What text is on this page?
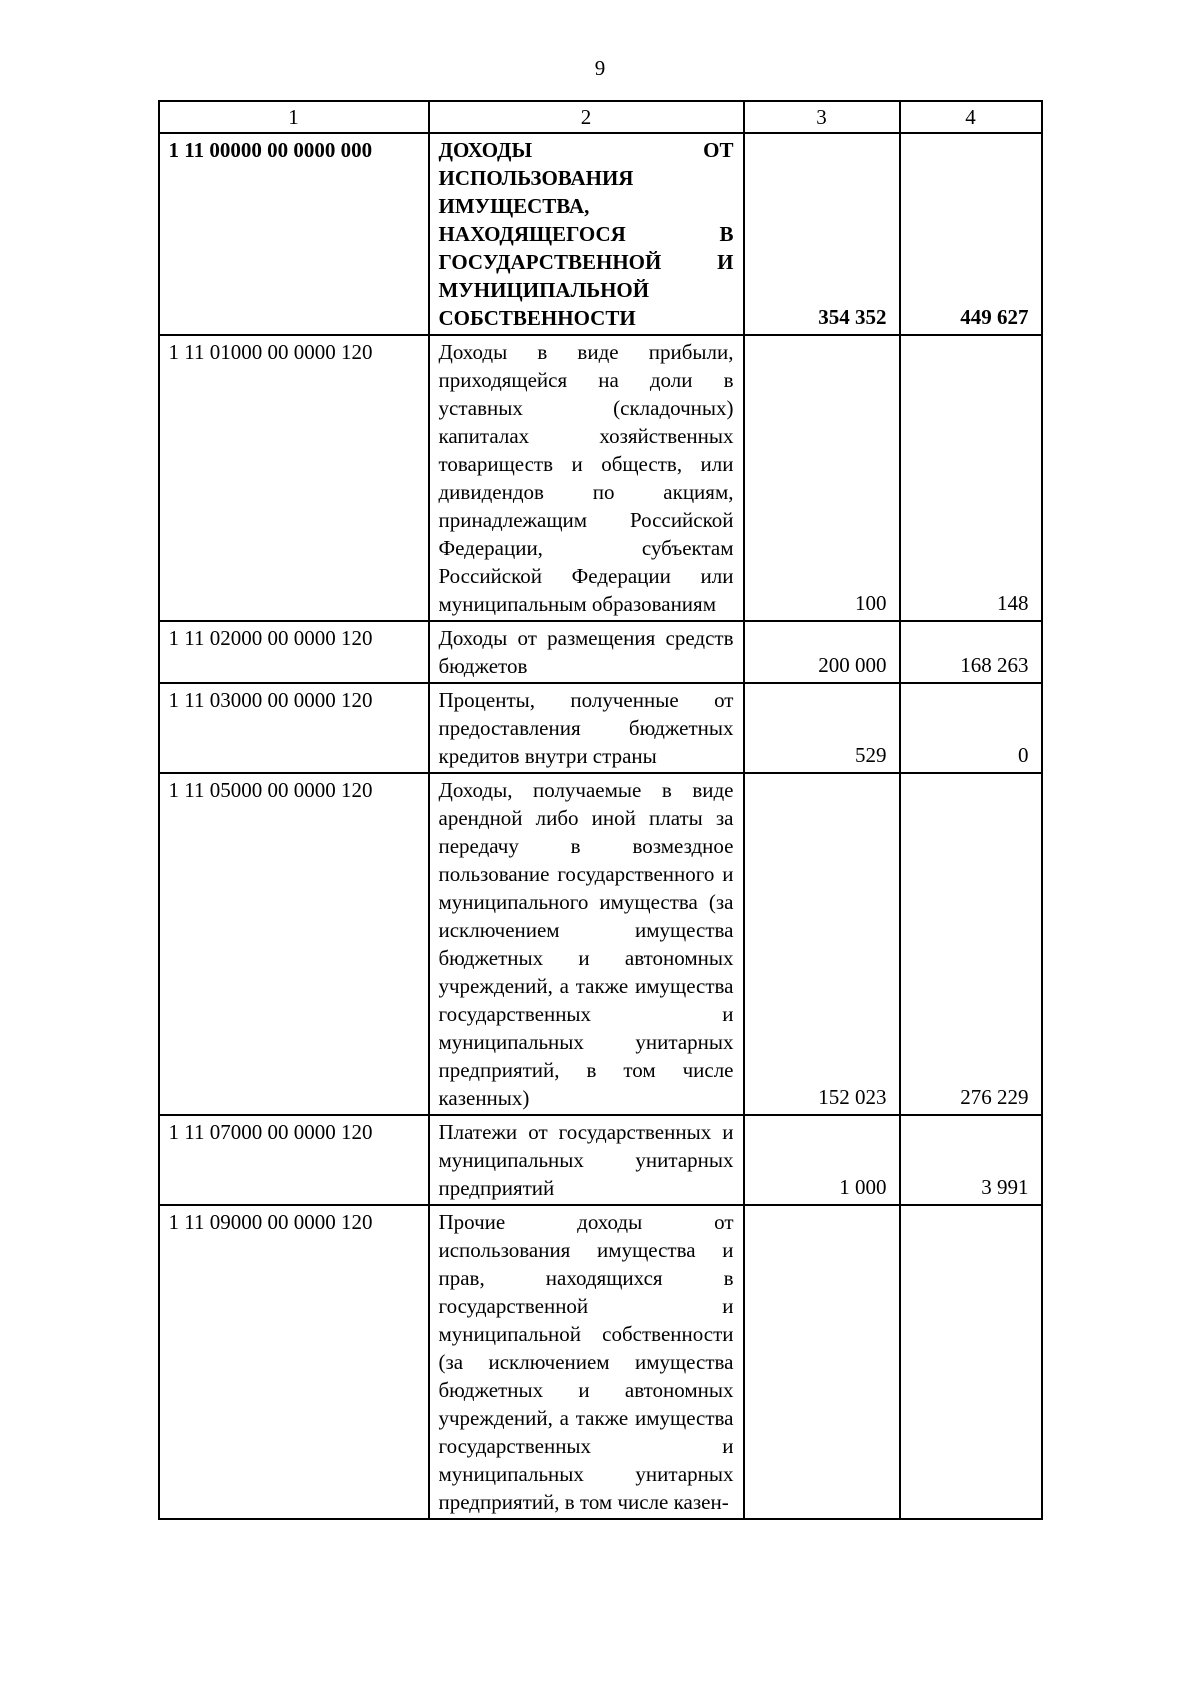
9
1	2	3	4
1 11 00000 00 0000 000	ДОХОДЫ ОТ ИСПОЛЬЗОВАНИЯ ИМУЩЕСТВА, НАХОДЯЩЕГОСЯ В ГОСУДАРСТВЕННОЙ И МУНИЦИПАЛЬНОЙ СОБСТВЕННОСТИ	354 352	449 627
1 11 01000 00 0000 120	Доходы в виде прибыли, приходящейся на доли в уставных (складочных) капиталах хозяйственных товариществ и обществ, или дивидендов по акциям, принадлежащим Российской Федерации, субъектам Российской Федерации или муниципальным образованиям	100	148
1 11 02000 00 0000 120	Доходы от размещения средств бюджетов	200 000	168 263
1 11 03000 00 0000 120	Проценты, полученные от предоставления бюджетных кредитов внутри страны	529	0
1 11 05000 00 0000 120	Доходы, получаемые в виде арендной либо иной платы за передачу в возмездное пользование государственного и муниципального имущества (за исключением имущества бюджетных и автономных учреждений, а также имущества государственных и муниципальных унитарных предприятий, в том числе казенных)	152 023	276 229
1 11 07000 00 0000 120	Платежи от государственных и муниципальных унитарных предприятий	1 000	3 991
1 11 09000 00 0000 120	Прочие доходы от использования имущества и прав, находящихся в государственной и муниципальной собственности (за исключением имущества бюджетных и автономных учреждений, а также имущества государственных и муниципальных унитарных предприятий, в том числе казен-		
